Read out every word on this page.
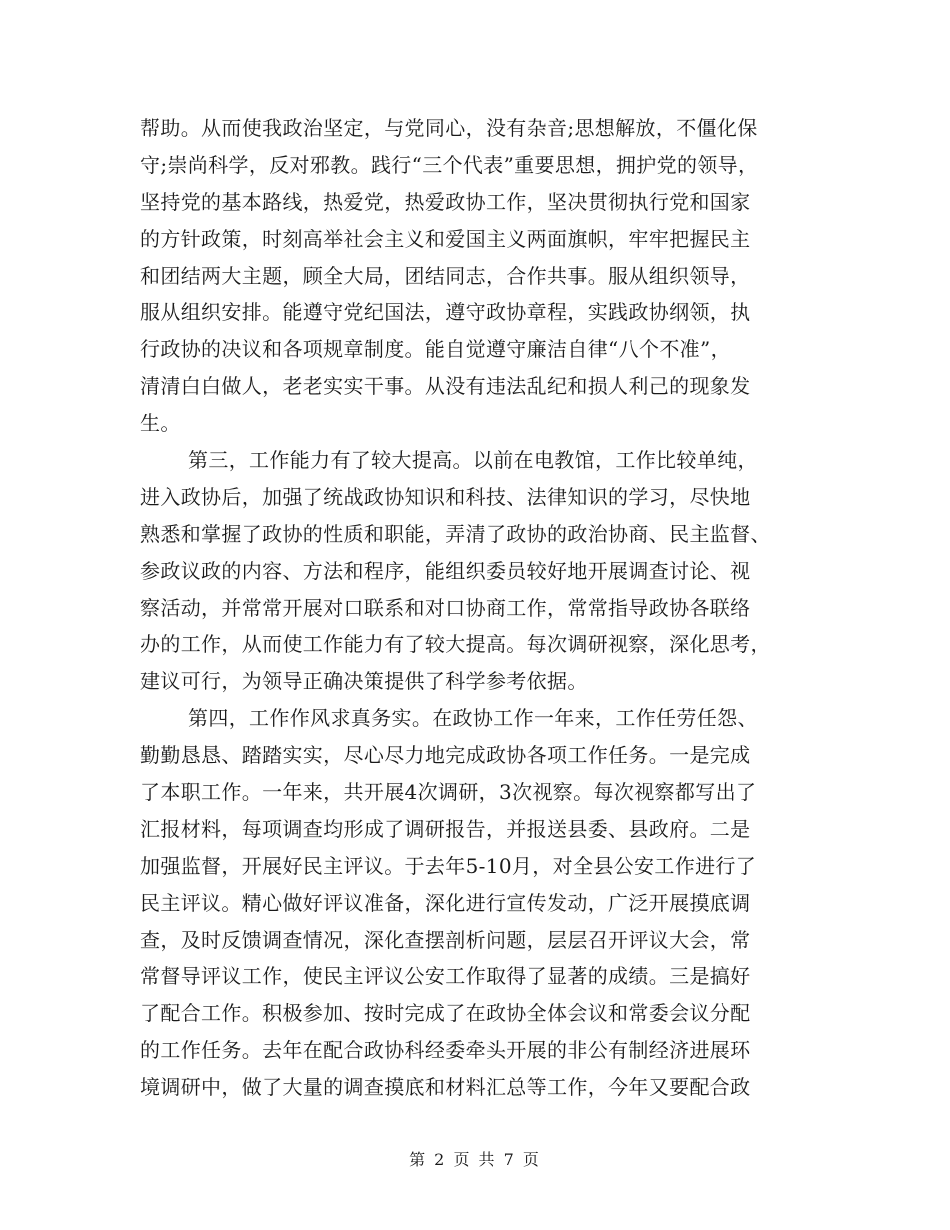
帮助。从而使我政治坚定，与党同心，没有杂音;思想解放，不僵化保
守;崇尚科学，反对邪教。践行“三个代表”重要思想，拥护党的领导，
坚持党的基本路线，热爱党，热爱政协工作，坚决贯彻执行党和国家
的方针政策，时刻高举社会主义和爱国主义两面旗帜，牢牢把握民主
和团结两大主题，顾全大局，团结同志，合作共事。服从组织领导，
服从组织安排。能遵守党纪国法，遵守政协章程，实践政协纲领，执
行政协的决议和各项规章制度。能自觉遵守廉洁自律“八个不准”，
清清白白做人，老老实实干事。从没有违法乱纪和损人利己的现象发
生。
第三，工作能力有了较大提高。以前在电教馆，工作比较单纯，
进入政协后，加强了统战政协知识和科技、法律知识的学习，尽快地
熟悉和掌握了政协的性质和职能，弄清了政协的政治协商、民主监督、
参政议政的内容、方法和程序，能组织委员较好地开展调查讨论、视
察活动，并常常开展对口联系和对口协商工作，常常指导政协各联络
办的工作，从而使工作能力有了较大提高。每次调研视察，深化思考，
建议可行，为领导正确决策提供了科学参考依据。
第四，工作作风求真务实。在政协工作一年来，工作任劳任怨、
勤勤恳恳、踏踏实实，尽心尽力地完成政协各项工作任务。一是完成
了本职工作。一年来，共开展4次调研，3次视察。每次视察都写出了
汇报材料，每项调查均形成了调研报告，并报送县委、县政府。二是
加强监督，开展好民主评议。于去年5-10月，对全县公安工作进行了
民主评议。精心做好评议准备，深化进行宣传发动，广泛开展摸底调
查，及时反馈调查情况，深化查摆剖析问题，层层召开评议大会，常
常督导评议工作，使民主评议公安工作取得了显著的成绩。三是搞好
了配合工作。积极参加、按时完成了在政协全体会议和常委会议分配
的工作任务。去年在配合政协科经委牵头开展的非公有制经济进展环
境调研中，做了大量的调查摸底和材料汇总等工作，今年又要配合政
第 2 页 共 7 页
